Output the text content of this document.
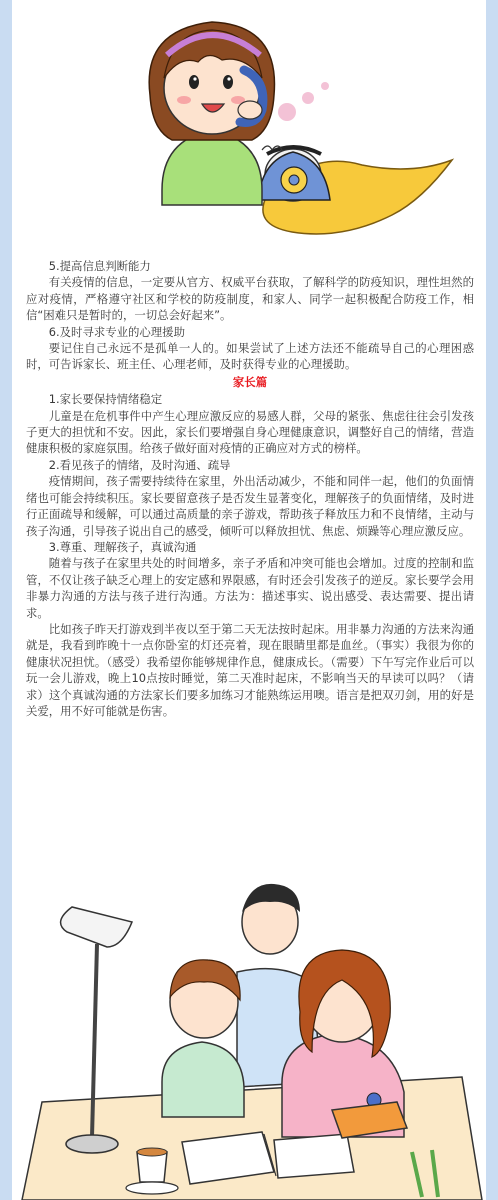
5.提高信息判断能力

有关疫情的信息，一定要从官方、权威平台获取，了解科学的防疫知识，理性坦然的应对疫情，严格遵守社区和学校的防疫制度，和家人、同学一起积极配合防疫工作，相信“困难只是暂时的，一切总会好起来”。

6.及时寻求专业的心理援助

要记住自己永远不是孤单一人的。如果尝试了上述方法还不能疏导自己的心理困惑时，可告诉家长、班主任、心理老师，及时获得专业的心理援助。

家长篇

1.家长要保持情绪稳定

儿童是在危机事件中产生心理应激反应的易感人群，父母的紧张、焦虑往往会引发孩子更大的担忧和不安。因此，家长们要增强自身心理健康意识，调整好自己的情绪，营造健康积极的家庭氛围。给孩子做好面对疫情的正确应对方式的榜样。

2.看见孩子的情绪，及时沟通、疏导

疫情期间，孩子需要持续待在家里，外出活动减少，不能和同伴一起，他们的负面情绪也可能会持续积压。家长要留意孩子是否发生显著变化，理解孩子的负面情绪，及时进行正面疏导和缓解，可以通过高质量的亲子游戏，帮助孩子释放压力和不良情绪，主动与孩子沟通，引导孩子说出自己的感受，倾听可以释放担忧、焦虑、烦躁等心理应激反应。

3.尊重、理解孩子，真诚沟通

随着与孩子在家里共处的时间增多，亲子矛盾和冲突可能也会增加。过度的控制和监管，不仅让孩子缺乏心理上的安定感和界限感，有时还会引发孩子的逆反。家长要学会用非暴力沟通的方法与孩子进行沟通。方法为：描述事实、说出感受、表达需要、提出请求。

比如孩子昨天打游戏到半夜以至于第二天无法按时起床。用非暴力沟通的方法来沟通就是，我看到昨晚十一点你卧室的灯还亮着，现在眼睛里都是血丝。（事实）我很为你的健康状况担忧。（感受）我希望你能够规律作息，健康成长。（需要）下午写完作业后可以玩一会儿游戏，晚上10点按时睡觉，第二天准时起床，不影响当天的早读可以吗？（请求）这个真诚沟通的方法家长们要多加练习才能熟练运用噢。语言是把双刃剑，用的好是关爱，用不好可能就是伤害。
